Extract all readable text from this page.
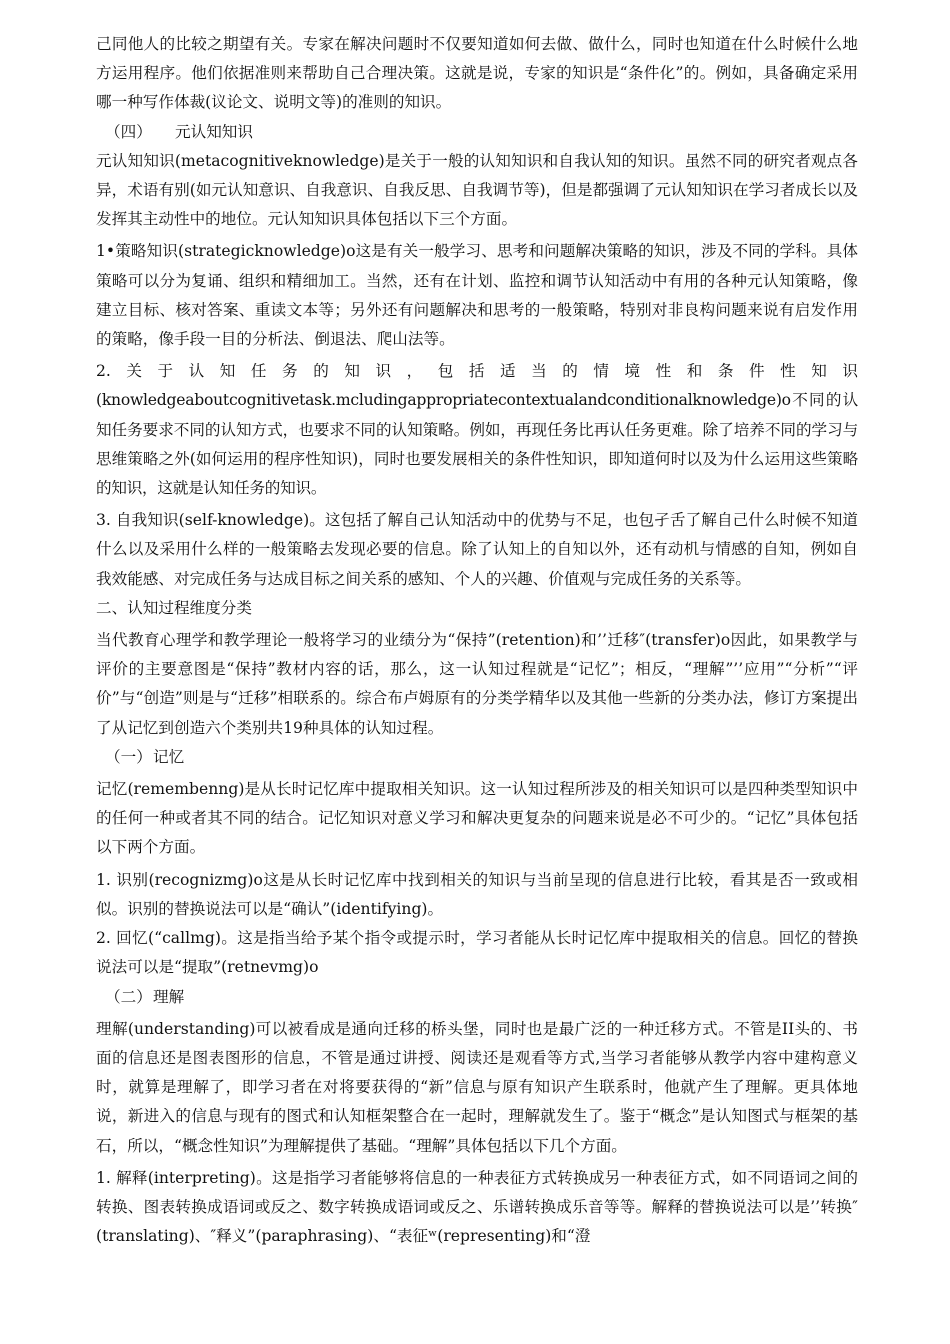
己同他人的比较之期望有关。专家在解决问题时不仅要知道如何去做、做什么，同时也知道在什么时候什么地方运用程序。他们依据准则来帮助自己合理决策。这就是说，专家的知识是“条件化”的。例如，具备确定采用哪一种写作体裁(议论文、说明文等)的准则的知识。

（四） 元认知知识

元认知知识(metacognitiveknowledge)是关于一般的认知知识和自我认知的知识。虽然不同的研究者观点各异，术语有别(如元认知意识、自我意识、自我反思、自我调节等)，但是都强调了元认知知识在学习者成长以及发挥其主动性中的地位。元认知知识具体包括以下三个方面。

1•策略知识(strategicknowledge)o这是有关一般学习、思考和问题解决策略的知识，涉及不同的学科。具体策略可以分为复诵、组织和精细加工。当然，还有在计划、监控和调节认知活动中有用的各种元认知策略，像建立目标、核对答案、重读文本等；另外还有问题解决和思考的一般策略，特别对非良构问题来说有启发作用的策略，像手段一目的分析法、倒退法、爬山法等。

2.关于认知任务的知识，包括适当的情境性和条件性知识

(knowledgeaboutcognitivetask.mcludingappropriatecontextualandconditionalknowledge)o不同的认知任务要求不同的认知方式，也要求不同的认知策略。例如，再现任务比再认任务更难。除了培养不同的学习与思维策略之外(如何运用的程序性知识)，同时也要发展相关的条件性知识，即知道何时以及为什么运用这些策略的知识，这就是认知任务的知识。

3. 自我知识(self-knowledge)。这包括了解自己认知活动中的优势与不足，也包孑舌了解自己什么时候不知道什么以及采用什么样的一般策略去发现必要的信息。除了认知上的自知以外，还有动机与情感的自知，例如自我效能感、对完成任务与达成目标之间关系的感知、个人的兴趣、价值观与完成任务的关系等。

二、认知过程维度分类

当代教育心理学和教学理论一般将学习的业绩分为“保持”(retention)和’’迁移″(transfer)o因此，如果教学与评价的主要意图是“保持”教材内容的话，那么，这一认知过程就是“记忆”；相反，“理解”’’应用”“分析”“评价”与“创造”则是与“迁移”相联系的。综合布卢姆原有的分类学精华以及其他一些新的分类办法，修订方案提出了从记忆到创造六个类别共19种具体的认知过程。

（一）记忆

记忆(remembenng)是从长时记忆库中提取相关知识。这一认知过程所涉及的相关知识可以是四种类型知识中的任何一种或者其不同的结合。记忆知识对意义学习和解决更复杂的问题来说是必不可少的。“记忆”具体包括以下两个方面。

1. 识别(recognizmg)o这是从长时记忆库中找到相关的知识与当前呈现的信息进行比较，看其是否一致或相似。识别的替换说法可以是“确认”(identifying)。

2. 回忆(“callmg)。这是指当给予某个指令或提示时，学习者能从长时记忆库中提取相关的信息。回忆的替换说法可以是“提取”(retnevmg)o

（二）理解

理解(understanding)可以被看成是通向迁移的桥头堡，同时也是最广泛的一种迁移方式。不管是II头的、书面的信息还是图表图形的信息，不管是通过讲授、阅读还是观看等方式,当学习者能够从教学内容中建构意义时，就算是理解了，即学习者在对将要获得的“新”信息与原有知识产生联系时，他就产生了理解。更具体地说，新进入的信息与现有的图式和认知框架整合在一起时，理解就发生了。鉴于“概念”是认知图式与框架的基石，所以，“概念性知识”为理解提供了基础。“理解”具体包括以下几个方面。

1. 解释(interpreting)。这是指学习者能够将信息的一种表征方式转换成另一种表征方式，如不同语词之间的转换、图表转换成语词或反之、数字转换成语词或反之、乐谱转换成乐音等等。解释的替换说法可以是’’转换″(translating)、″释义”(paraphrasing)、“表征ʷ(representing)和“澄
